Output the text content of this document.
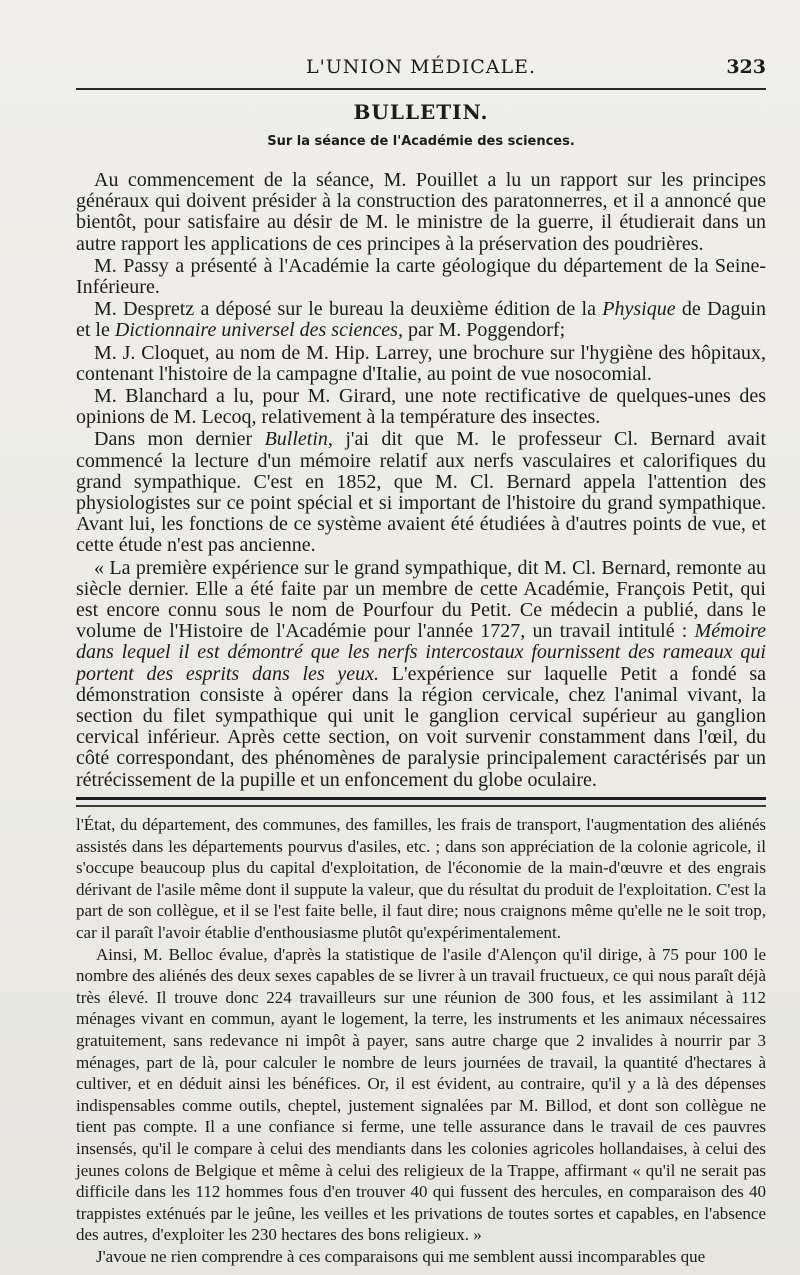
L'UNION MÉDICALE.	323
BULLETIN.
Sur la séance de l'Académie des sciences.

Au commencement de la séance, M. Pouillet a lu un rapport sur les principes généraux qui doivent présider à la construction des paratonnerres, et il a annoncé que bientôt, pour satisfaire au désir de M. le ministre de la guerre, il étudierait dans un autre rapport les applications de ces principes à la préservation des poudrières.

M. Passy a présenté à l'Académie la carte géologique du département de la Seine-Inférieure.

M. Despretz a déposé sur le bureau la deuxième édition de la Physique de Daguin et le Dictionnaire universel des sciences, par M. Poggendorf;

M. J. Cloquet, au nom de M. Hip. Larrey, une brochure sur l'hygiène des hôpitaux, contenant l'histoire de la campagne d'Italie, au point de vue nosocomial.

M. Blanchard a lu, pour M. Girard, une note rectificative de quelques-unes des opinions de M. Lecoq, relativement à la température des insectes.

Dans mon dernier Bulletin, j'ai dit que M. le professeur Cl. Bernard avait commencé la lecture d'un mémoire relatif aux nerfs vasculaires et calorifiques du grand sympathique. C'est en 1852, que M. Cl. Bernard appela l'attention des physiologistes sur ce point spécial et si important de l'histoire du grand sympathique. Avant lui, les fonctions de ce système avaient été étudiées à d'autres points de vue, et cette étude n'est pas ancienne.

« La première expérience sur le grand sympathique, dit M. Cl. Bernard, remonte au siècle dernier. Elle a été faite par un membre de cette Académie, François Petit, qui est encore connu sous le nom de Pourfour du Petit. Ce médecin a publié, dans le volume de l'Histoire de l'Académie pour l'année 1727, un travail intitulé : Mémoire dans lequel il est démontré que les nerfs intercostaux fournissent des rameaux qui portent des esprits dans les yeux. L'expérience sur laquelle Petit a fondé sa démonstration consiste à opérer dans la région cervicale, chez l'animal vivant, la section du filet sympathique qui unit le ganglion cervical supérieur au ganglion cervical inférieur. Après cette section, on voit survenir constamment dans l'œil, du côté correspondant, des phénomènes de paralysie principalement caractérisés par un rétrécissement de la pupille et un enfoncement du globe oculaire.

l'État, du département, des communes, des familles, les frais de transport, l'augmentation des aliénés assistés dans les départements pourvus d'asiles, etc. ; dans son appréciation de la colonie agricole, il s'occupe beaucoup plus du capital d'exploitation, de l'économie de la main-d'œuvre et des engrais dérivant de l'asile même dont il suppute la valeur, que du résultat du produit de l'exploitation. C'est la part de son collègue, et il se l'est faite belle, il faut dire; nous craignons même qu'elle ne le soit trop, car il paraît l'avoir établie d'enthousiasme plutôt qu'expérimentalement.

Ainsi, M. Belloc évalue, d'après la statistique de l'asile d'Alençon qu'il dirige, à 75 pour 100 le nombre des aliénés des deux sexes capables de se livrer à un travail fructueux, ce qui nous paraît déjà très élevé. Il trouve donc 224 travailleurs sur une réunion de 300 fous, et les assimilant à 112 ménages vivant en commun, ayant le logement, la terre, les instruments et les animaux nécessaires gratuitement, sans redevance ni impôt à payer, sans autre charge que 2 invalides à nourrir par 3 ménages, part de là, pour calculer le nombre de leurs journées de travail, la quantité d'hectares à cultiver, et en déduit ainsi les bénéfices. Or, il est évident, au contraire, qu'il y a là des dépenses indispensables comme outils, cheptel, justement signalées par M. Billod, et dont son collègue ne tient pas compte. Il a une confiance si ferme, une telle assurance dans le travail de ces pauvres insensés, qu'il le compare à celui des mendiants dans les colonies agricoles hollandaises, à celui des jeunes colons de Belgique et même à celui des religieux de la Trappe, affirmant « qu'il ne serait pas difficile dans les 112 hommes fous d'en trouver 40 qui fussent des hercules, en comparaison des 40 trappistes exténués par le jeûne, les veilles et les privations de toutes sortes et capables, en l'absence des autres, d'exploiter les 230 hectares des bons religieux. »

J'avoue ne rien comprendre à ces comparaisons qui me semblent aussi incomparables que
